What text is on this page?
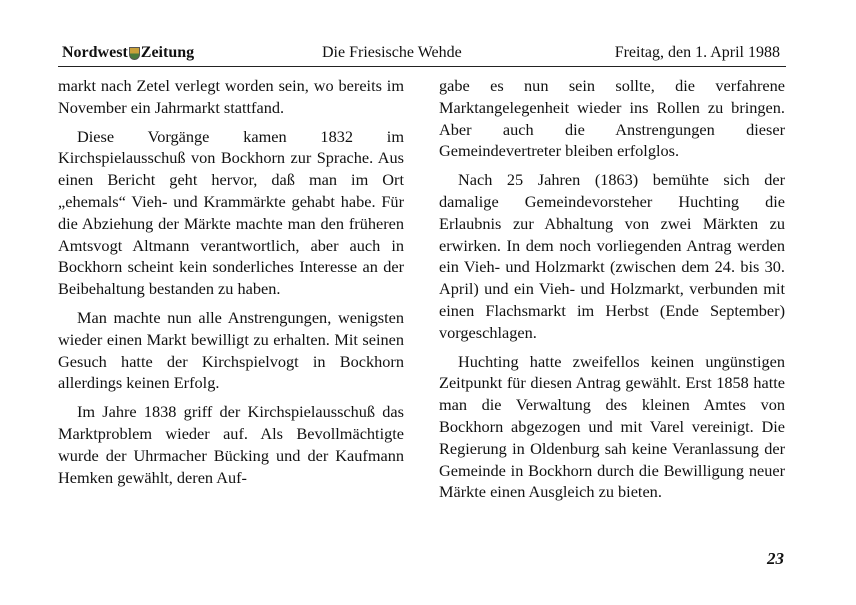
Nordwest Zeitung	Die Friesische Wehde	Freitag, den 1. April 1988

markt nach Zetel verlegt worden sein, wo bereits im November ein Jahrmarkt stattfand.

Diese Vorgänge kamen 1832 im Kirchspielausschuß von Bockhorn zur Sprache. Aus einen Bericht geht hervor, daß man im Ort „ehemals“ Vieh- und Krammärkte gehabt habe. Für die Abziehung der Märkte machte man den früheren Amtsvogt Altmann verantwortlich, aber auch in Bockhorn scheint kein sonderliches Interesse an der Beibehaltung bestanden zu haben.

Man machte nun alle Anstrengungen, wenigsten wieder einen Markt bewilligt zu erhalten. Mit seinen Gesuch hatte der Kirchspielvogt in Bockhorn allerdings keinen Erfolg.

Im Jahre 1838 griff der Kirchspielausschuß das Marktproblem wieder auf. Als Bevollmächtigte wurde der Uhrmacher Bücking und der Kaufmann Hemken gewählt, deren Auf-

gabe es nun sein sollte, die verfahrene Marktangelegenheit wieder ins Rollen zu bringen. Aber auch die Anstrengungen dieser Gemeindevertreter bleiben erfolglos.

Nach 25 Jahren (1863) bemühte sich der damalige Gemeindevorsteher Huchting die Erlaubnis zur Abhaltung von zwei Märkten zu erwirken. In dem noch vorliegenden Antrag werden ein Vieh- und Holzmarkt (zwischen dem 24. bis 30. April) und ein Vieh- und Holzmarkt, verbunden mit einen Flachsmarkt im Herbst (Ende September) vorgeschlagen.

Huchting hatte zweifellos keinen ungünstigen Zeitpunkt für diesen Antrag gewählt. Erst 1858 hatte man die Verwaltung des kleinen Amtes von Bockhorn abgezogen und mit Varel vereinigt. Die Regierung in Oldenburg sah keine Veranlassung der Gemeinde in Bockhorn durch die Bewilligung neuer Märkte einen Ausgleich zu bieten.

23
